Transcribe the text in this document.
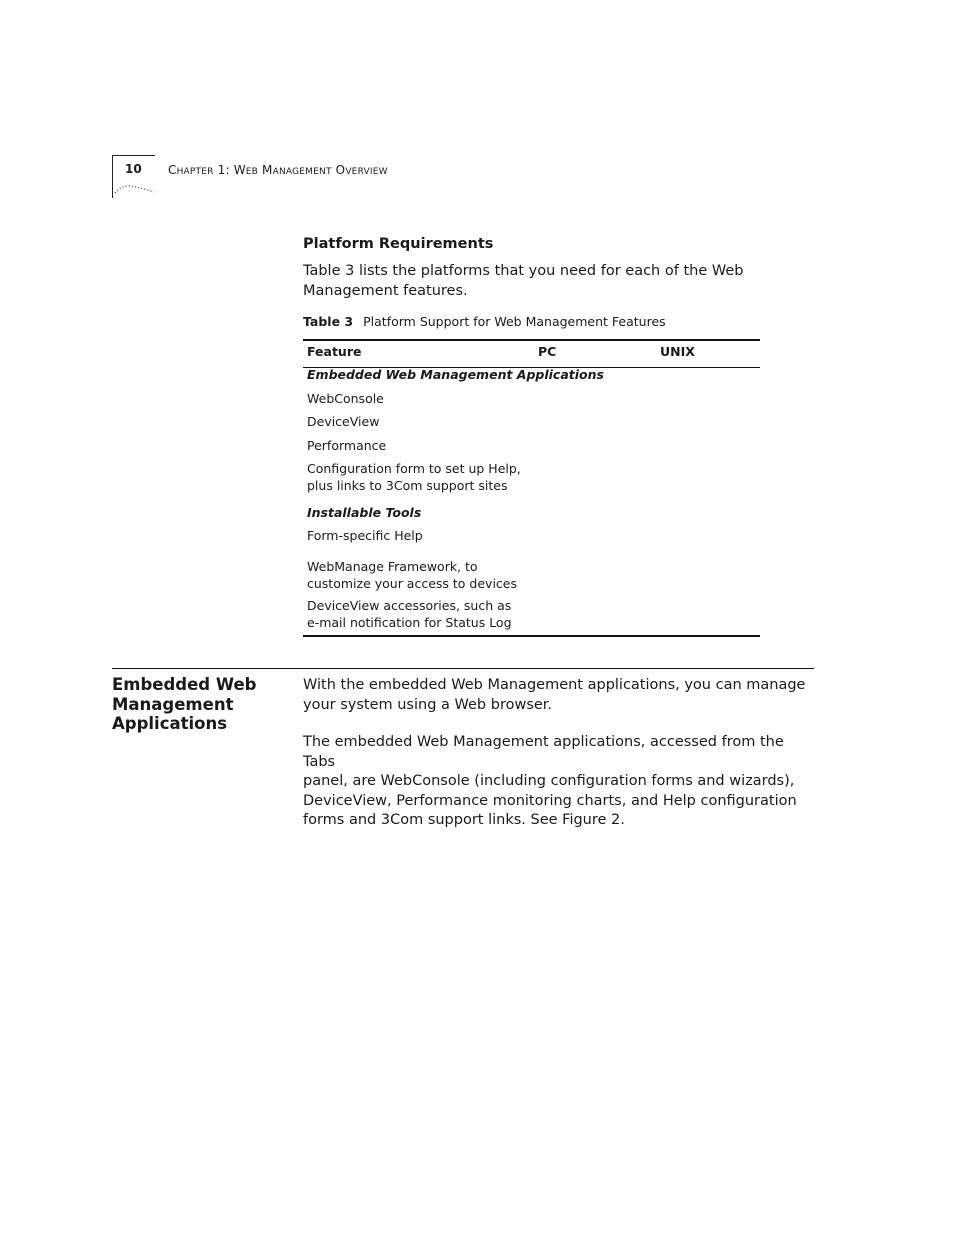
10 CHAPTER 1: WEB MANAGEMENT OVERVIEW
Platform Requirements
Table 3 lists the platforms that you need for each of the Web
Management features.
Table 3 Platform Support for Web Management Features
Feature	PC	UNIX
Embedded Web Management Applications
WebConsole
DeviceView
Performance
Configuration form to set up Help,
plus links to 3Com support sites
Installable Tools
Form-specific Help
WebManage Framework, to
customize your access to devices
DeviceView accessories, such as
e-mail notification for Status Log
Embedded Web
Management
Applications
With the embedded Web Management applications, you can manage
your system using a Web browser.
The embedded Web Management applications, accessed from the Tabs
panel, are WebConsole (including configuration forms and wizards),
DeviceView, Performance monitoring charts, and Help configuration
forms and 3Com support links. See Figure 2.
